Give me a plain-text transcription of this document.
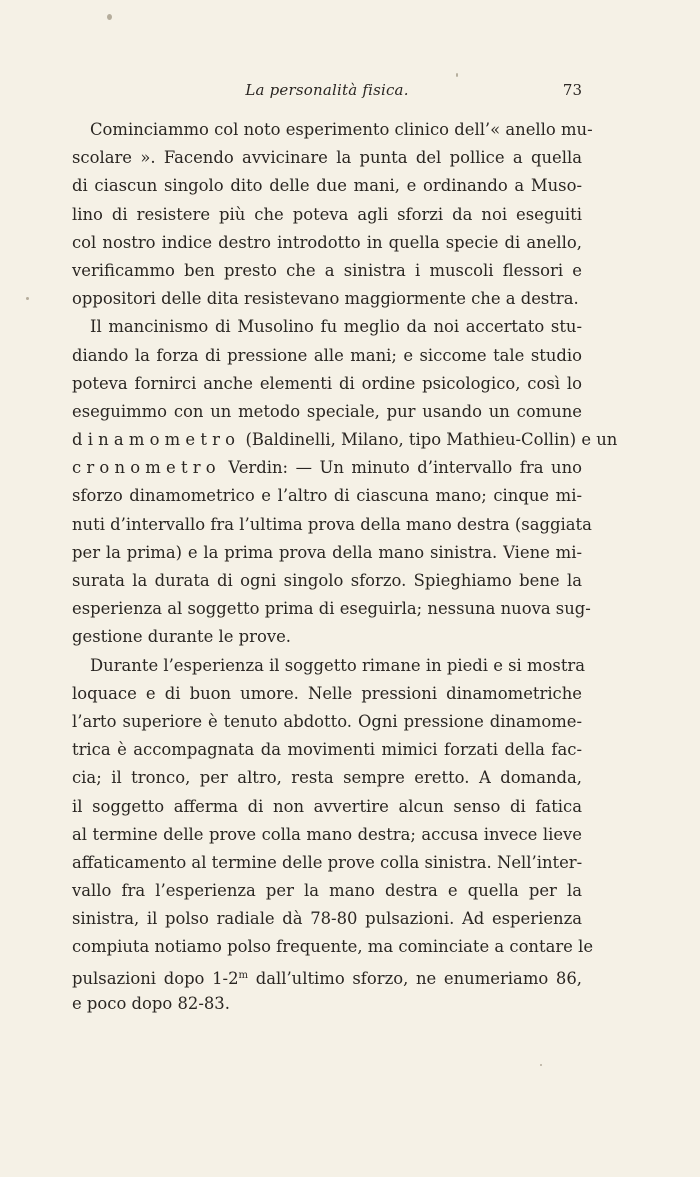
La personalità fisica.	73
Cominciammo col noto esperimento clinico dell’« anello mu-
scolare ». Facendo avvicinare la punta del pollice a quella
di ciascun singolo dito delle due mani, e ordinando a Muso-
lino di resistere più che poteva agli sforzi da noi eseguiti
col nostro indice destro introdotto in quella specie di anello,
verificammo ben presto che a sinistra i muscoli flessori e
oppositori delle dita resistevano maggiormente che a destra.
Il mancinismo di Musolino fu meglio da noi accertato stu-
diando la forza di pressione alle mani; e siccome tale studio
poteva fornirci anche elementi di ordine psicologico, così lo
eseguimmo con un metodo speciale, pur usando un comune
dinamometro (Baldinelli, Milano, tipo Mathieu-Collin) e un
cronometro Verdin: — Un minuto d’intervallo fra uno
sforzo dinamometrico e l’altro di ciascuna mano; cinque mi-
nuti d’intervallo fra l’ultima prova della mano destra (saggiata
per la prima) e la prima prova della mano sinistra. Viene mi-
surata la durata di ogni singolo sforzo. Spieghiamo bene la
esperienza al soggetto prima di eseguirla; nessuna nuova sug-
gestione durante le prove.
Durante l’esperienza il soggetto rimane in piedi e si mostra
loquace e di buon umore. Nelle pressioni dinamometriche
l’arto superiore è tenuto abdotto. Ogni pressione dinamome-
trica è accompagnata da movimenti mimici forzati della fac-
cia; il tronco, per altro, resta sempre eretto. A domanda,
il soggetto afferma di non avvertire alcun senso di fatica
al termine delle prove colla mano destra; accusa invece lieve
affaticamento al termine delle prove colla sinistra. Nell’inter-
vallo fra l’esperienza per la mano destra e quella per la
sinistra, il polso radiale dà 78-80 pulsazioni. Ad esperienza
compiuta notiamo polso frequente, ma cominciate a contare le
pulsazioni dopo 1-2$^m$ dall’ultimo sforzo, ne enumeriamo 86,
e poco dopo 82-83.
